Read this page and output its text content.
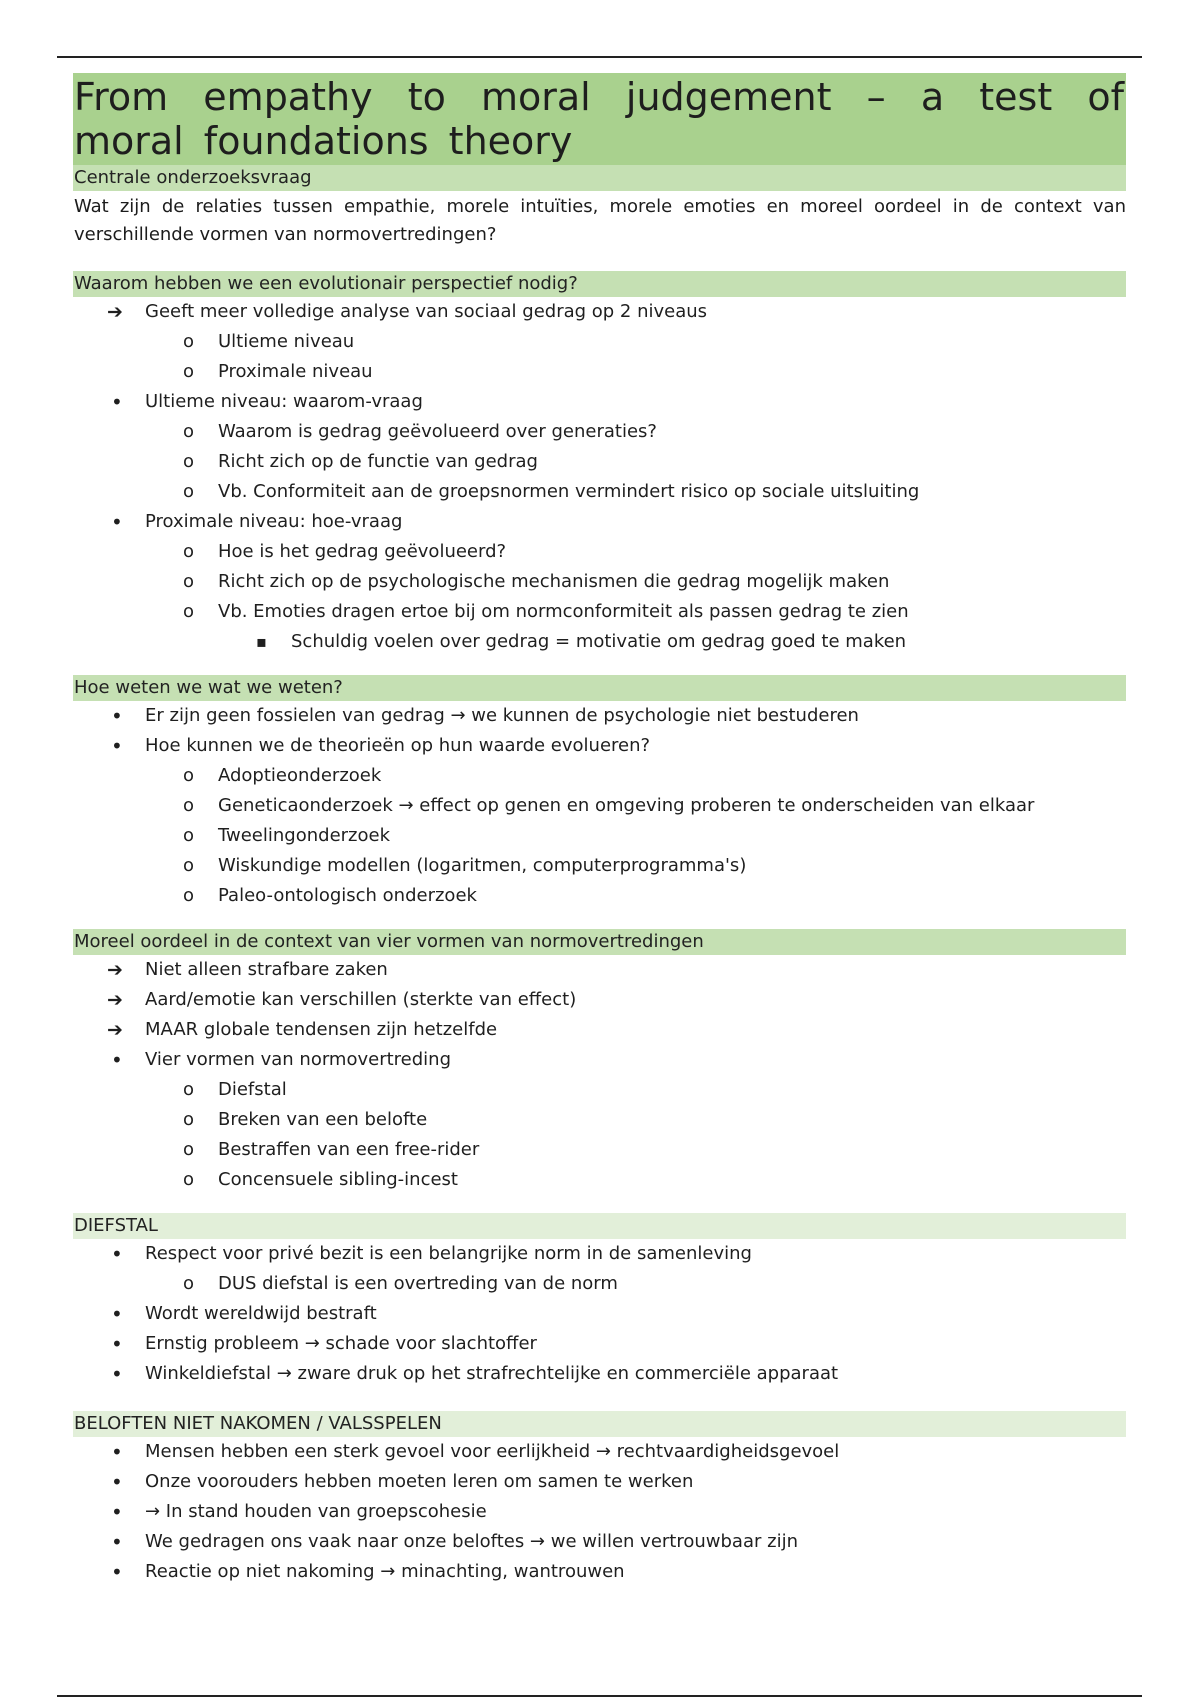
From empathy to moral judgement – a test of moral foundations theory
Centrale onderzoeksvraag
Wat zijn de relaties tussen empathie, morele intuïties, morele emoties en moreel oordeel in de context van verschillende vormen van normovertredingen?
Waarom hebben we een evolutionair perspectief nodig?
➔
Geeft meer volledige analyse van sociaal gedrag op 2 niveaus
o
Ultieme niveau
o
Proximale niveau
•
Ultieme niveau: waarom-vraag
o
Waarom is gedrag geëvolueerd over generaties?
o
Richt zich op de functie van gedrag
o
Vb. Conformiteit aan de groepsnormen vermindert risico op sociale uitsluiting
•
Proximale niveau: hoe-vraag
o
Hoe is het gedrag geëvolueerd?
o
Richt zich op de psychologische mechanismen die gedrag mogelijk maken
o
Vb. Emoties dragen ertoe bij om normconformiteit als passen gedrag te zien
▪
Schuldig voelen over gedrag = motivatie om gedrag goed te maken
Hoe weten we wat we weten?
•
Er zijn geen fossielen van gedrag → we kunnen de psychologie niet bestuderen
•
Hoe kunnen we de theorieën op hun waarde evolueren?
o
Adoptieonderzoek
o
Geneticaonderzoek → effect op genen en omgeving proberen te onderscheiden van elkaar
o
Tweelingonderzoek
o
Wiskundige modellen (logaritmen, computerprogramma's)
o
Paleo-ontologisch onderzoek
Moreel oordeel in de context van vier vormen van normovertredingen
➔
Niet alleen strafbare zaken
➔
Aard/emotie kan verschillen (sterkte van effect)
➔
MAAR globale tendensen zijn hetzelfde
•
Vier vormen van normovertreding
o
Diefstal
o
Breken van een belofte
o
Bestraffen van een free-rider
o
Concensuele sibling-incest
DIEFSTAL
•
Respect voor privé bezit is een belangrijke norm in de samenleving
o
DUS diefstal is een overtreding van de norm
•
Wordt wereldwijd bestraft
•
Ernstig probleem → schade voor slachtoffer
•
Winkeldiefstal → zware druk op het strafrechtelijke en commerciële apparaat
BELOFTEN NIET NAKOMEN / VALSSPELEN
•
Mensen hebben een sterk gevoel voor eerlijkheid → rechtvaardigheidsgevoel
•
Onze voorouders hebben moeten leren om samen te werken
•
→ In stand houden van groepscohesie
•
We gedragen ons vaak naar onze beloftes → we willen vertrouwbaar zijn
•
Reactie op niet nakoming → minachting, wantrouwen
